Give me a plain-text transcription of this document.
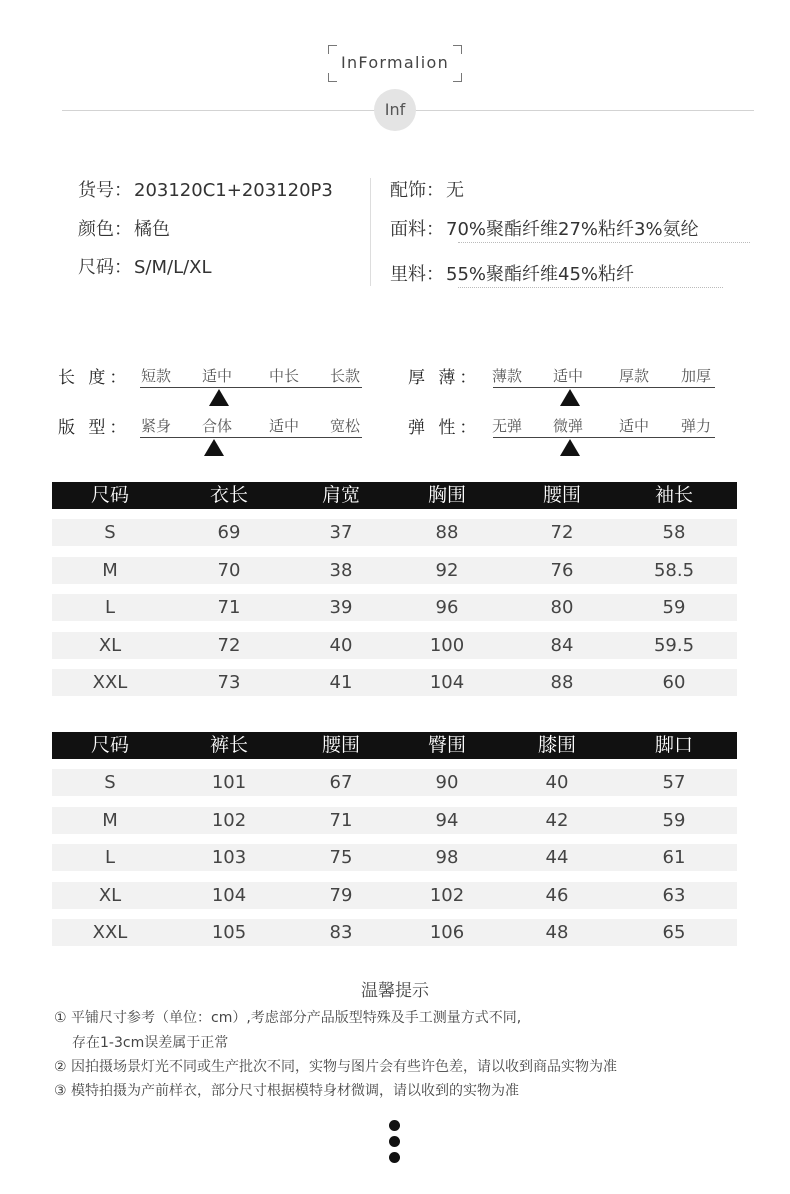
InFormalion
Inf
货号： 203120C1+203120P3
颜色： 橘色
尺码： S/M/L/XL
配饰： 无
面料： 70%聚酯纤维27%粘纤3%氨纶
里料： 55%聚酯纤维45%粘纤
长 度： 短款 适中 中长 长款	厚 薄： 薄款 适中 厚款 加厚
版 型： 紧身 合体 适中 宽松	弹 性： 无弹 微弹 适中 弹力
尺码	衣长	肩宽	胸围	腰围	袖长
S	69	37	88	72	58
M	70	38	92	76	58.5
L	71	39	96	80	59
XL	72	40	100	84	59.5
XXL	73	41	104	88	60
尺码	裤长	腰围	臀围	膝围	脚口
S	101	67	90	40	57
M	102	71	94	42	59
L	103	75	98	44	61
XL	104	79	102	46	63
XXL	105	83	106	48	65
温馨提示
① 平铺尺寸参考（单位：cm）,考虑部分产品版型特殊及手工测量方式不同,
存在1-3cm误差属于正常
② 因拍摄场景灯光不同或生产批次不同，实物与图片会有些许色差，请以收到商品实物为准
③ 模特拍摄为产前样衣，部分尺寸根据模特身材微调，请以收到的实物为准
